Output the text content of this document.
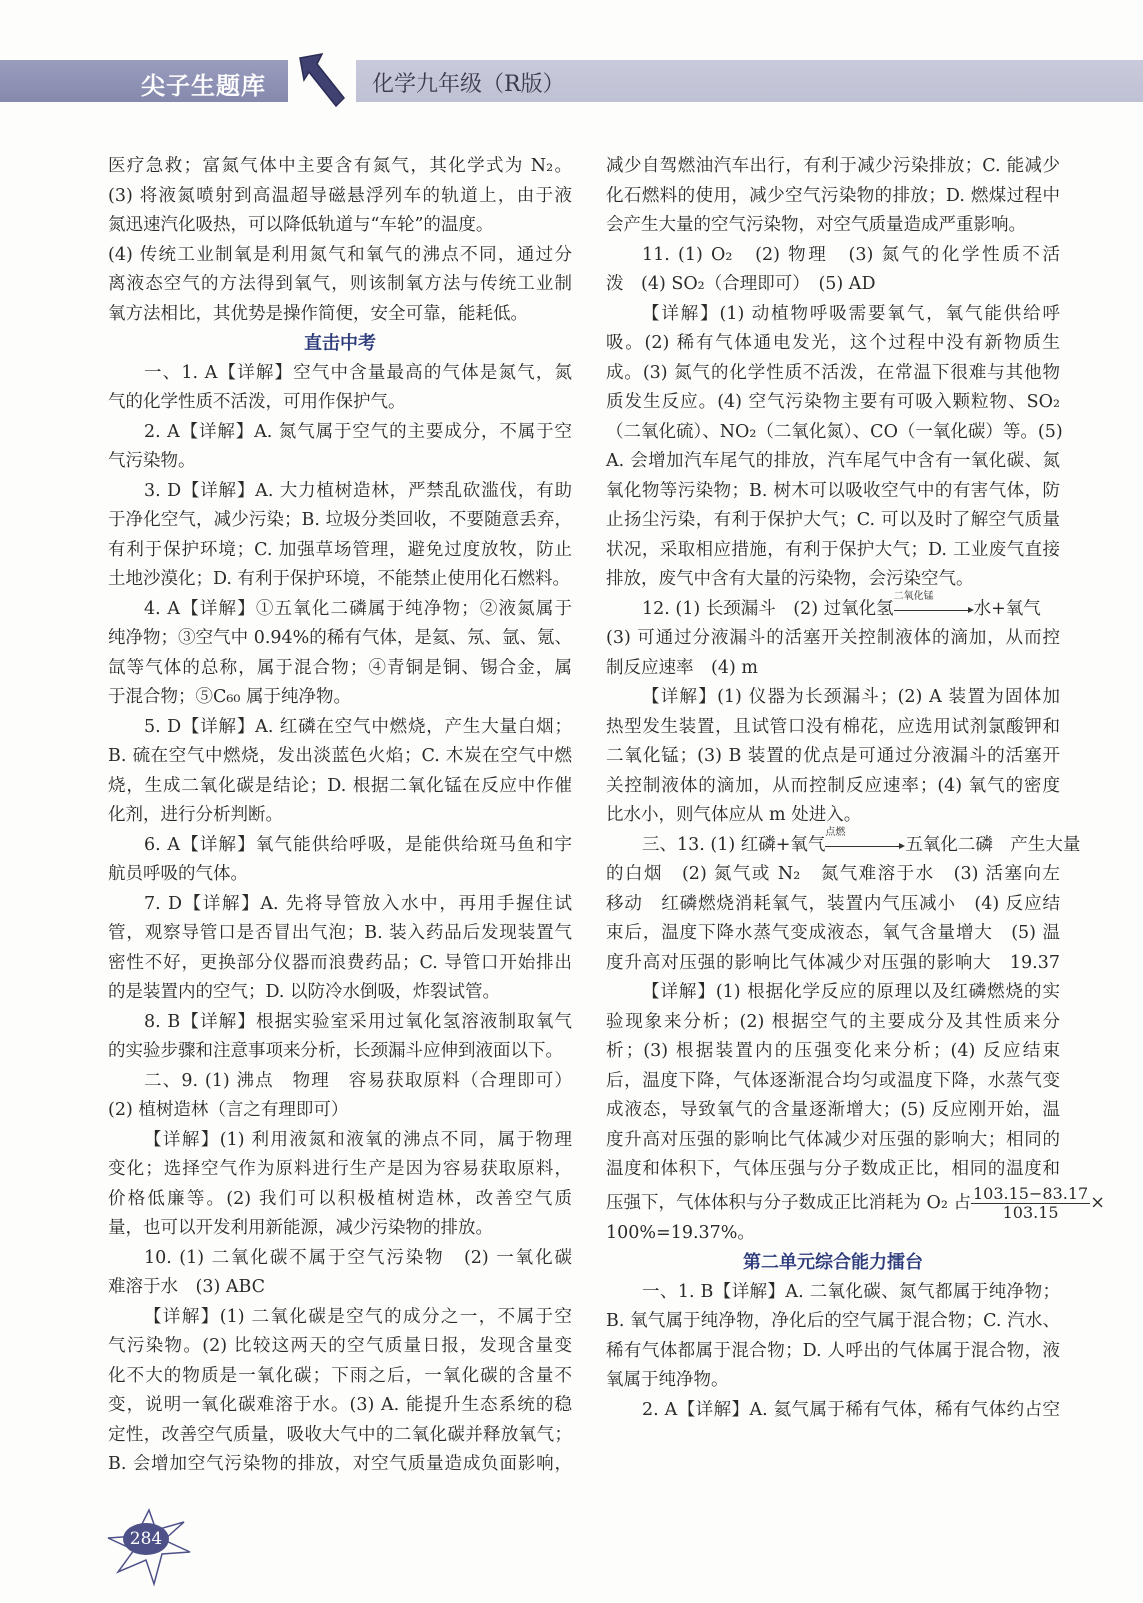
尖子生题库	化学九年级（R版）
医疗急救；富氮气体中主要含有氮气，其化学式为 N₂。
(3) 将液氮喷射到高温超导磁悬浮列车的轨道上，由于液
氮迅速汽化吸热，可以降低轨道与“车轮”的温度。
(4) 传统工业制氧是利用氮气和氧气的沸点不同，通过分
离液态空气的方法得到氧气，则该制氧方法与传统工业制
氧方法相比，其优势是操作简便，安全可靠，能耗低。
直击中考
一、1. A【详解】空气中含量最高的气体是氮气，氮
气的化学性质不活泼，可用作保护气。
2. A【详解】A. 氮气属于空气的主要成分，不属于空
气污染物。
3. D【详解】A. 大力植树造林，严禁乱砍滥伐，有助
于净化空气，减少污染；B. 垃圾分类回收，不要随意丢弃，
有利于保护环境；C. 加强草场管理，避免过度放牧，防止
土地沙漠化；D. 有利于保护环境，不能禁止使用化石燃料。
4. A【详解】①五氧化二磷属于纯净物；②液氮属于
纯净物；③空气中 0.94%的稀有气体，是氦、氖、氩、氪、
氙等气体的总称，属于混合物；④青铜是铜、锡合金，属
于混合物；⑤C₆₀ 属于纯净物。
5. D【详解】A. 红磷在空气中燃烧，产生大量白烟；
B. 硫在空气中燃烧，发出淡蓝色火焰；C. 木炭在空气中燃
烧，生成二氧化碳是结论；D. 根据二氧化锰在反应中作催
化剂，进行分析判断。
6. A【详解】氧气能供给呼吸，是能供给斑马鱼和宇
航员呼吸的气体。
7. D【详解】A. 先将导管放入水中，再用手握住试
管，观察导管口是否冒出气泡；B. 装入药品后发现装置气
密性不好，更换部分仪器而浪费药品；C. 导管口开始排出
的是装置内的空气；D. 以防冷水倒吸，炸裂试管。
8. B【详解】根据实验室采用过氧化氢溶液制取氧气
的实验步骤和注意事项来分析，长颈漏斗应伸到液面以下。
二、9. (1) 沸点　物理　容易获取原料（合理即可）
(2) 植树造林（言之有理即可）
【详解】(1) 利用液氮和液氧的沸点不同，属于物理
变化；选择空气作为原料进行生产是因为容易获取原料，
价格低廉等。(2) 我们可以积极植树造林，改善空气质
量，也可以开发利用新能源，减少污染物的排放。
10. (1) 二氧化碳不属于空气污染物　(2) 一氧化碳
难溶于水　(3) ABC
【详解】(1) 二氧化碳是空气的成分之一，不属于空
气污染物。(2) 比较这两天的空气质量日报，发现含量变
化不大的物质是一氧化碳；下雨之后，一氧化碳的含量不
变，说明一氧化碳难溶于水。(3) A. 能提升生态系统的稳
定性，改善空气质量，吸收大气中的二氧化碳并释放氧气；
B. 会增加空气污染物的排放，对空气质量造成负面影响，
减少自驾燃油汽车出行，有利于减少污染排放；C. 能减少
化石燃料的使用，减少空气污染物的排放；D. 燃煤过程中
会产生大量的空气污染物，对空气质量造成严重影响。
11. (1) O₂　(2) 物理　(3) 氮气的化学性质不活
泼　(4) SO₂（合理即可）　(5) AD
【详解】(1) 动植物呼吸需要氧气，氧气能供给呼
吸。(2) 稀有气体通电发光，这个过程中没有新物质生
成。(3) 氮气的化学性质不活泼，在常温下很难与其他物
质发生反应。(4) 空气污染物主要有可吸入颗粒物、SO₂
（二氧化硫）、NO₂（二氧化氮）、CO（一氧化碳）等。(5)
A. 会增加汽车尾气的排放，汽车尾气中含有一氧化碳、氮
氧化物等污染物；B. 树木可以吸收空气中的有害气体，防
止扬尘污染，有利于保护大气；C. 可以及时了解空气质量
状况，采取相应措施，有利于保护大气；D. 工业废气直接
排放，废气中含有大量的污染物，会污染空气。
12. (1) 长颈漏斗　(2) 过氧化氢
二氧化锰
水+氧气
(3) 可通过分液漏斗的活塞开关控制液体的滴加，从而控
制反应速率　(4) m
【详解】(1) 仪器为长颈漏斗；(2) A 装置为固体加
热型发生装置，且试管口没有棉花，应选用试剂氯酸钾和
二氧化锰；(3) B 装置的优点是可通过分液漏斗的活塞开
关控制液体的滴加，从而控制反应速率；(4) 氧气的密度
比水小，则气体应从 m 处进入。
三、13. (1) 红磷+氧气
点燃
五氧化二磷　产生大量
的白烟　(2) 氮气或 N₂　氮气难溶于水　(3) 活塞向左
移动　红磷燃烧消耗氧气，装置内气压减小　(4) 反应结
束后，温度下降水蒸气变成液态，氧气含量增大　(5) 温
度升高对压强的影响比气体减少对压强的影响大　19.37
【详解】(1) 根据化学反应的原理以及红磷燃烧的实
验现象来分析；(2) 根据空气的主要成分及其性质来分
析；(3) 根据装置内的压强变化来分析；(4) 反应结束
后，温度下降，气体逐渐混合均匀或温度下降，水蒸气变
成液态，导致氧气的含量逐渐增大；(5) 反应刚开始，温
度升高对压强的影响比气体减少对压强的影响大；相同的
温度和体积下，气体压强与分子数成正比，相同的温度和
压强下，气体体积与分子数成正比消耗为 O₂ 占 $\frac{103.15-83.17}{103.15}$ ×
100%=19.37%。
第二单元综合能力擂台
一、1. B【详解】A. 二氧化碳、氮气都属于纯净物；
B. 氧气属于纯净物，净化后的空气属于混合物；C. 汽水、
稀有气体都属于混合物；D. 人呼出的气体属于混合物，液
氧属于纯净物。
2. A【详解】A. 氦气属于稀有气体，稀有气体约占空
284
